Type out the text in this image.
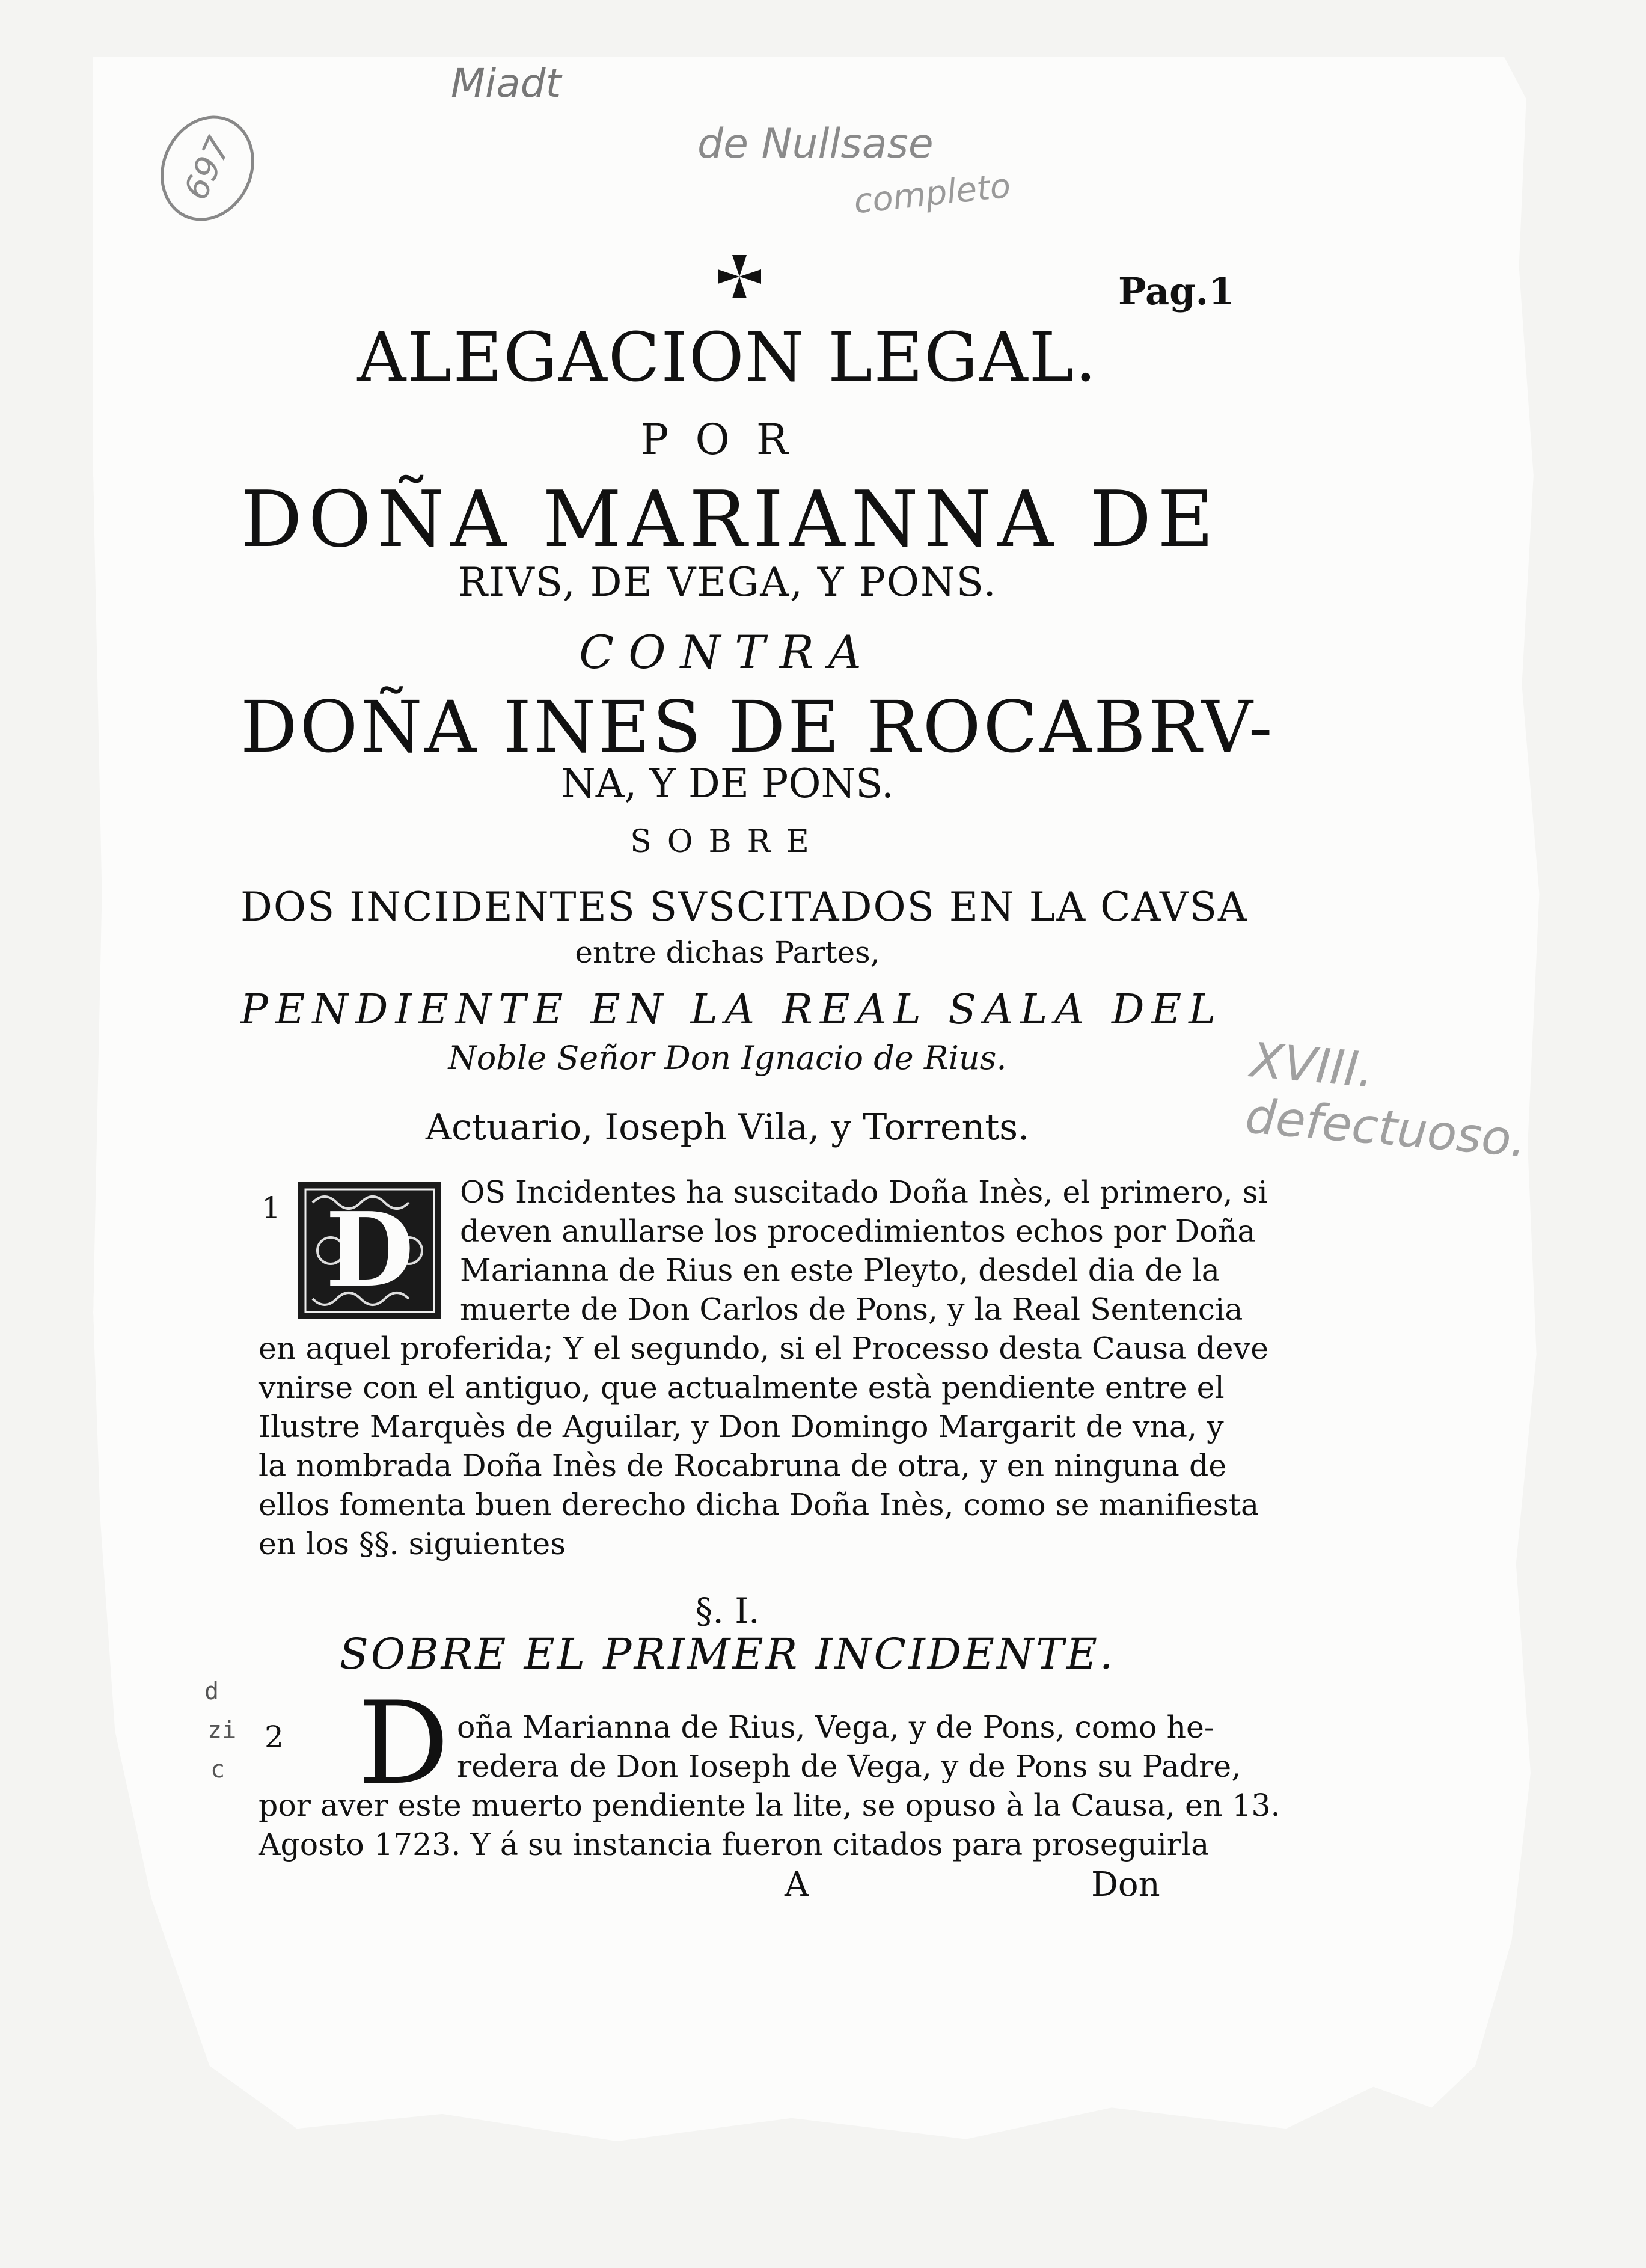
Miadt
de Nullsase
completo
697
XVIII. defectuoso.
Pag.1
ALEGACION LEGAL.
POR
DOÑA MARIANNA DE
RIVS, DE VEGA, Y PONS.
CONTRA
DOÑA INES DE ROCABRV-
NA, Y DE PONS.
SOBRE
DOS INCIDENTES SVSCITADOS EN LA CAVSA
entre dichas Partes,
PENDIENTE EN LA REAL SALA DEL
Noble Señor Don Ignacio de Rius.
Actuario, Ioseph Vila, y Torrents.
1 D OS Incidentes ha suscitado Doña Inès, el primero, si
deven anullarse los procedimientos echos por Doña
Marianna de Rius en este Pleyto, desdel dia de la
muerte de Don Carlos de Pons, y la Real Sentencia
en aquel proferida; Y el segundo, si el Processo desta Causa deve
vnirse con el antiguo, que actualmente està pendiente entre el
Ilustre Marquès de Aguilar, y Don Domingo Margarit de vna, y
la nombrada Doña Inès de Rocabruna de otra, y en ninguna de
ellos fomenta buen derecho dicha Doña Inès, como se manifiesta
en los §§. siguientes
§. I.
SOBRE EL PRIMER INCIDENTE.
d
zi
c
2 D oña Marianna de Rius, Vega, y de Pons, como he-
redera de Don Ioseph de Vega, y de Pons su Padre,
por aver este muerto pendiente la lite, se opuso à la Causa, en 13.
Agosto 1723. Y á su instancia fueron citados para proseguirla
A	Don
